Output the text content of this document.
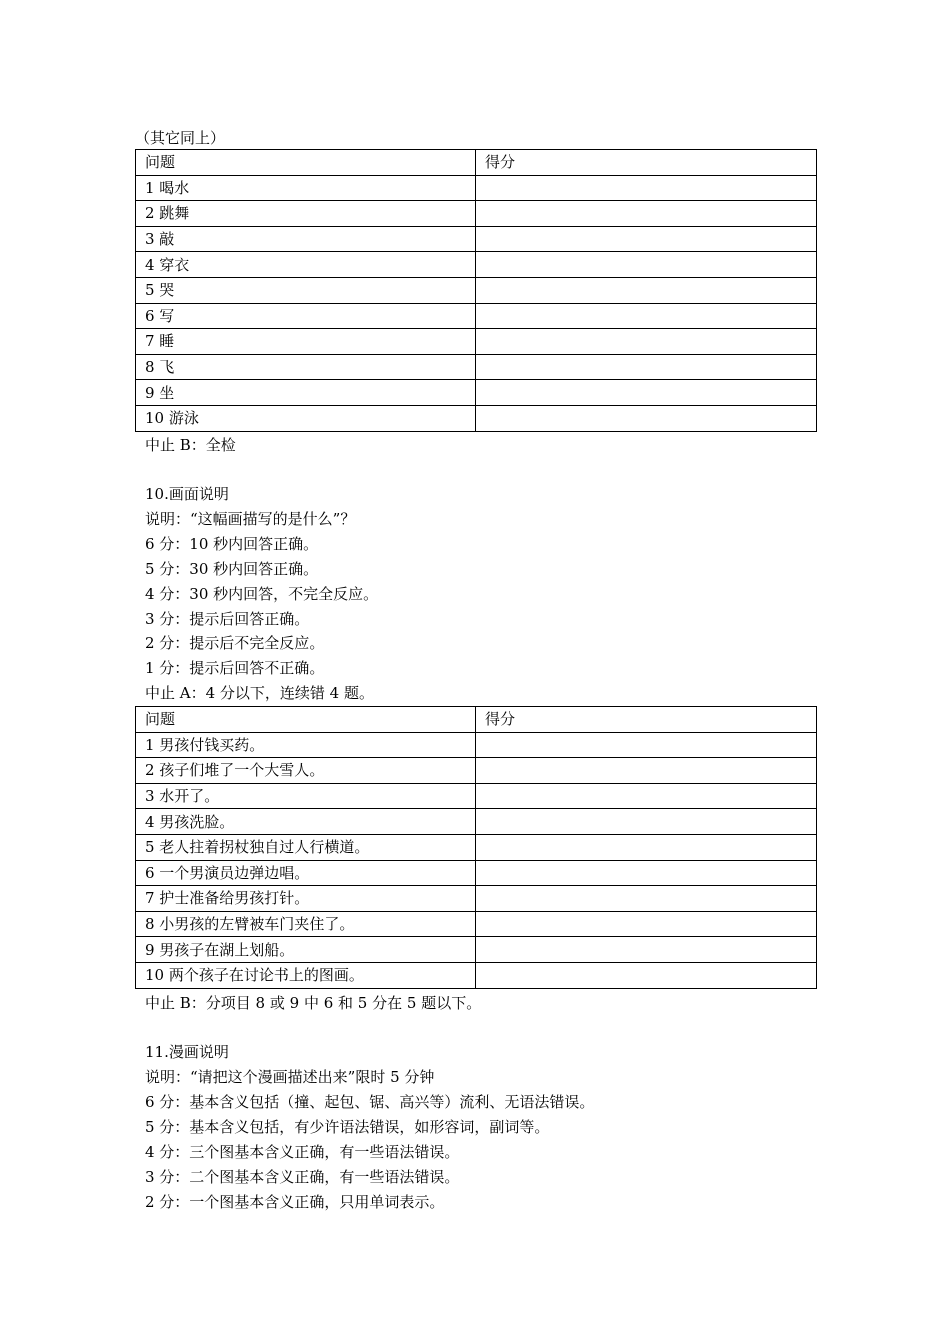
（其它同上）
问题	得分
1 喝水	
2 跳舞	
3 敲	
4 穿衣	
5 哭	
6 写	
7 睡	
8 飞	
9 坐	
10 游泳	
中止 B：全检
10.画面说明
说明：“这幅画描写的是什么”？
6 分：10 秒内回答正确。
5 分：30 秒内回答正确。
4 分：30 秒内回答，不完全反应。
3 分：提示后回答正确。
2 分：提示后不完全反应。
1 分：提示后回答不正确。
中止 A：4 分以下，连续错 4 题。
问题	得分
1 男孩付钱买药。	
2 孩子们堆了一个大雪人。	
3 水开了。	
4 男孩洗脸。	
5 老人拄着拐杖独自过人行横道。	
6 一个男演员边弹边唱。	
7 护士准备给男孩打针。	
8 小男孩的左臂被车门夹住了。	
9 男孩子在湖上划船。	
10 两个孩子在讨论书上的图画。	
中止 B：分项目 8 或 9 中 6 和 5 分在 5 题以下。
11.漫画说明
说明：“请把这个漫画描述出来”限时 5 分钟
6 分：基本含义包括（撞、起包、锯、高兴等）流利、无语法错误。
5 分：基本含义包括，有少许语法错误，如形容词，副词等。
4 分：三个图基本含义正确，有一些语法错误。
3 分：二个图基本含义正确，有一些语法错误。
2 分：一个图基本含义正确，只用单词表示。
